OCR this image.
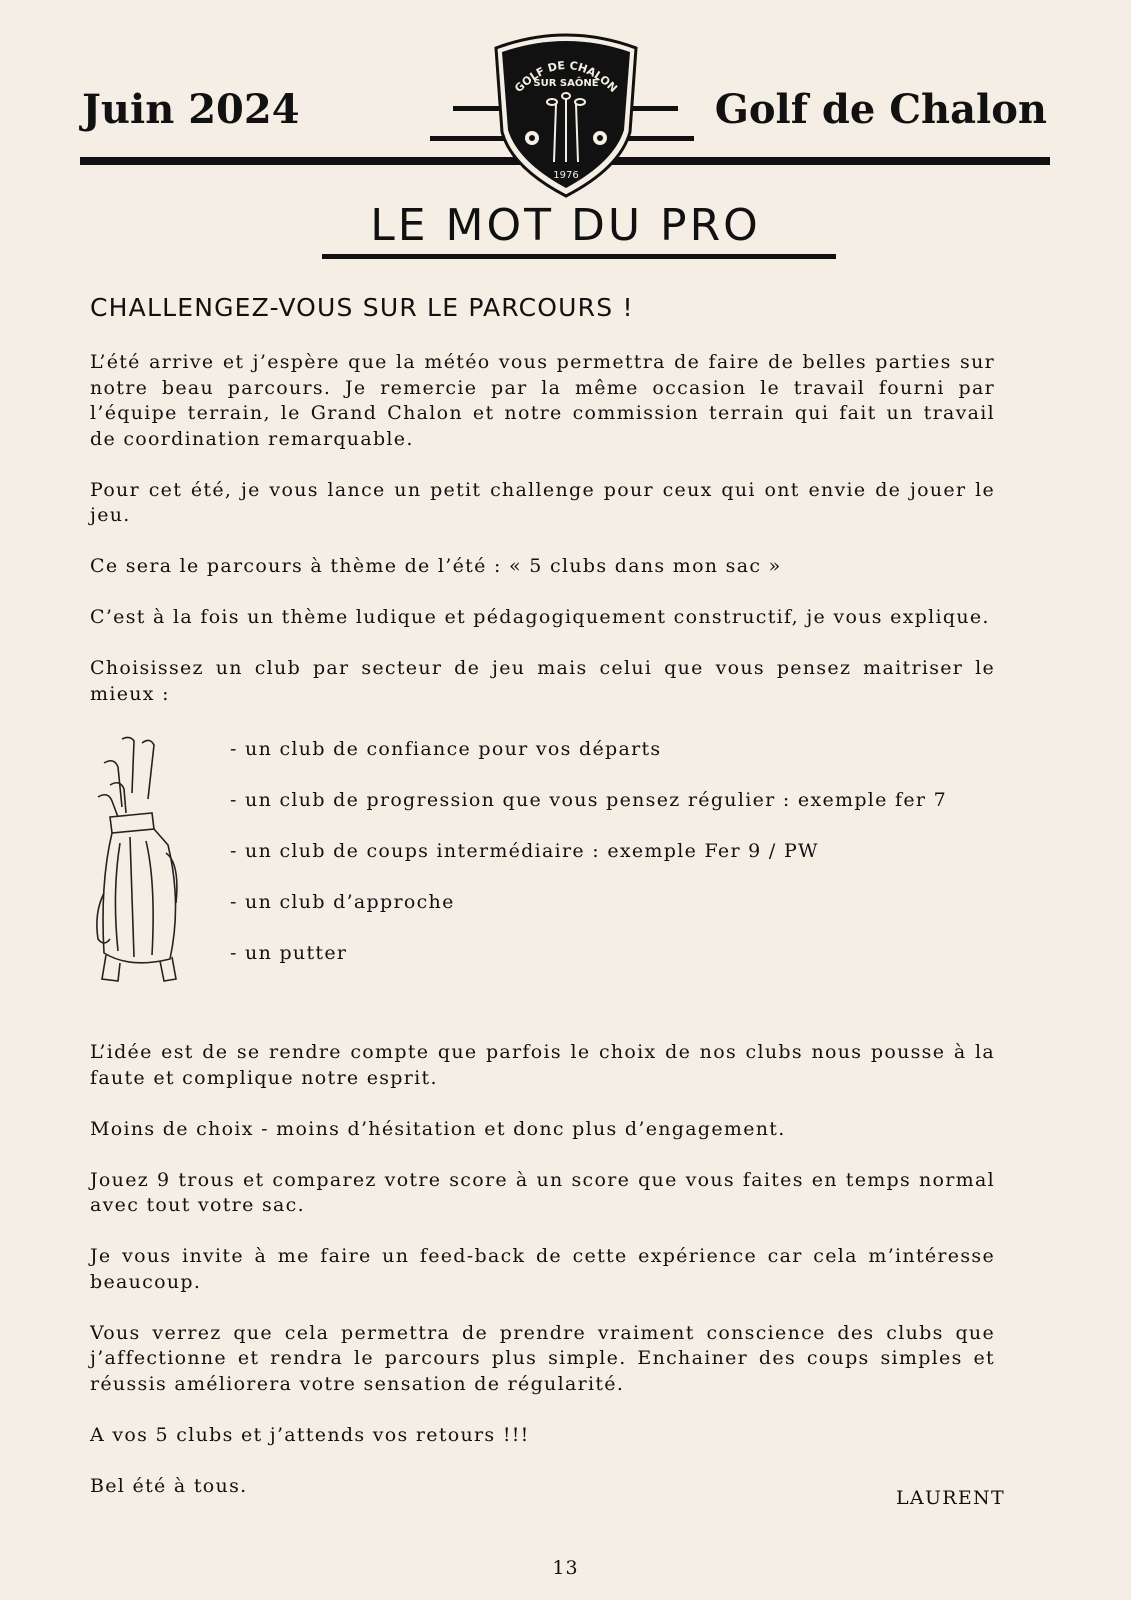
Juin 2024	Golf de Chalon
GOLF DE CHALON
SUR SAÔNE
1976
LE MOT DU PRO
CHALLENGEZ-VOUS SUR LE PARCOURS !

L’été arrive et j’espère que la météo vous permettra de faire de belles parties sur notre beau parcours. Je remercie par la même occasion le travail fourni par l’équipe terrain, le Grand Chalon et notre commission terrain qui fait un travail de coordination remarquable.

Pour cet été, je vous lance un petit challenge pour ceux qui ont envie de jouer le jeu.

Ce sera le parcours à thème de l’été : « 5 clubs dans mon sac »

C’est à la fois un thème ludique et pédagogiquement constructif, je vous explique.

Choisissez un club par secteur de jeu mais celui que vous pensez maitriser le mieux :

- un club de confiance pour vos départs
- un club de progression que vous pensez régulier : exemple fer 7
- un club de coups intermédiaire : exemple Fer 9 / PW
- un club d’approche
- un putter

L’idée est de se rendre compte que parfois le choix de nos clubs nous pousse à la faute et complique notre esprit.

Moins de choix - moins d’hésitation et donc plus d’engagement.

Jouez 9 trous et comparez votre score à un score que vous faites en temps normal avec tout votre sac.

Je vous invite à me faire un feed-back de cette expérience car cela m’intéresse beaucoup.

Vous verrez que cela permettra de prendre vraiment conscience des clubs que j’affectionne et rendra le parcours plus simple. Enchainer des coups simples et réussis améliorera votre sensation de régularité.

A vos 5 clubs et j’attends vos retours !!!

Bel été à tous.

LAURENT
13
